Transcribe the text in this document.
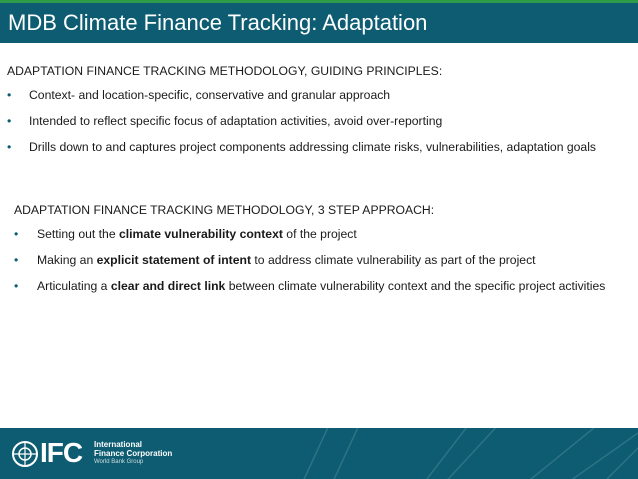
MDB Climate Finance Tracking: Adaptation
ADAPTATION FINANCE TRACKING METHODOLOGY, GUIDING PRINCIPLES:
• Context- and location-specific, conservative and granular approach
• Intended to reflect specific focus of adaptation activities, avoid over-reporting
• Drills down to and captures project components addressing climate risks, vulnerabilities, adaptation goals
ADAPTATION FINANCE TRACKING METHODOLOGY, 3 STEP APPROACH:
• Setting out the climate vulnerability context of the project
• Making an explicit statement of intent to address climate vulnerability as part of the project
• Articulating a clear and direct link between climate vulnerability context and the specific project activities
IFC International
Finance Corporation
World Bank Group
